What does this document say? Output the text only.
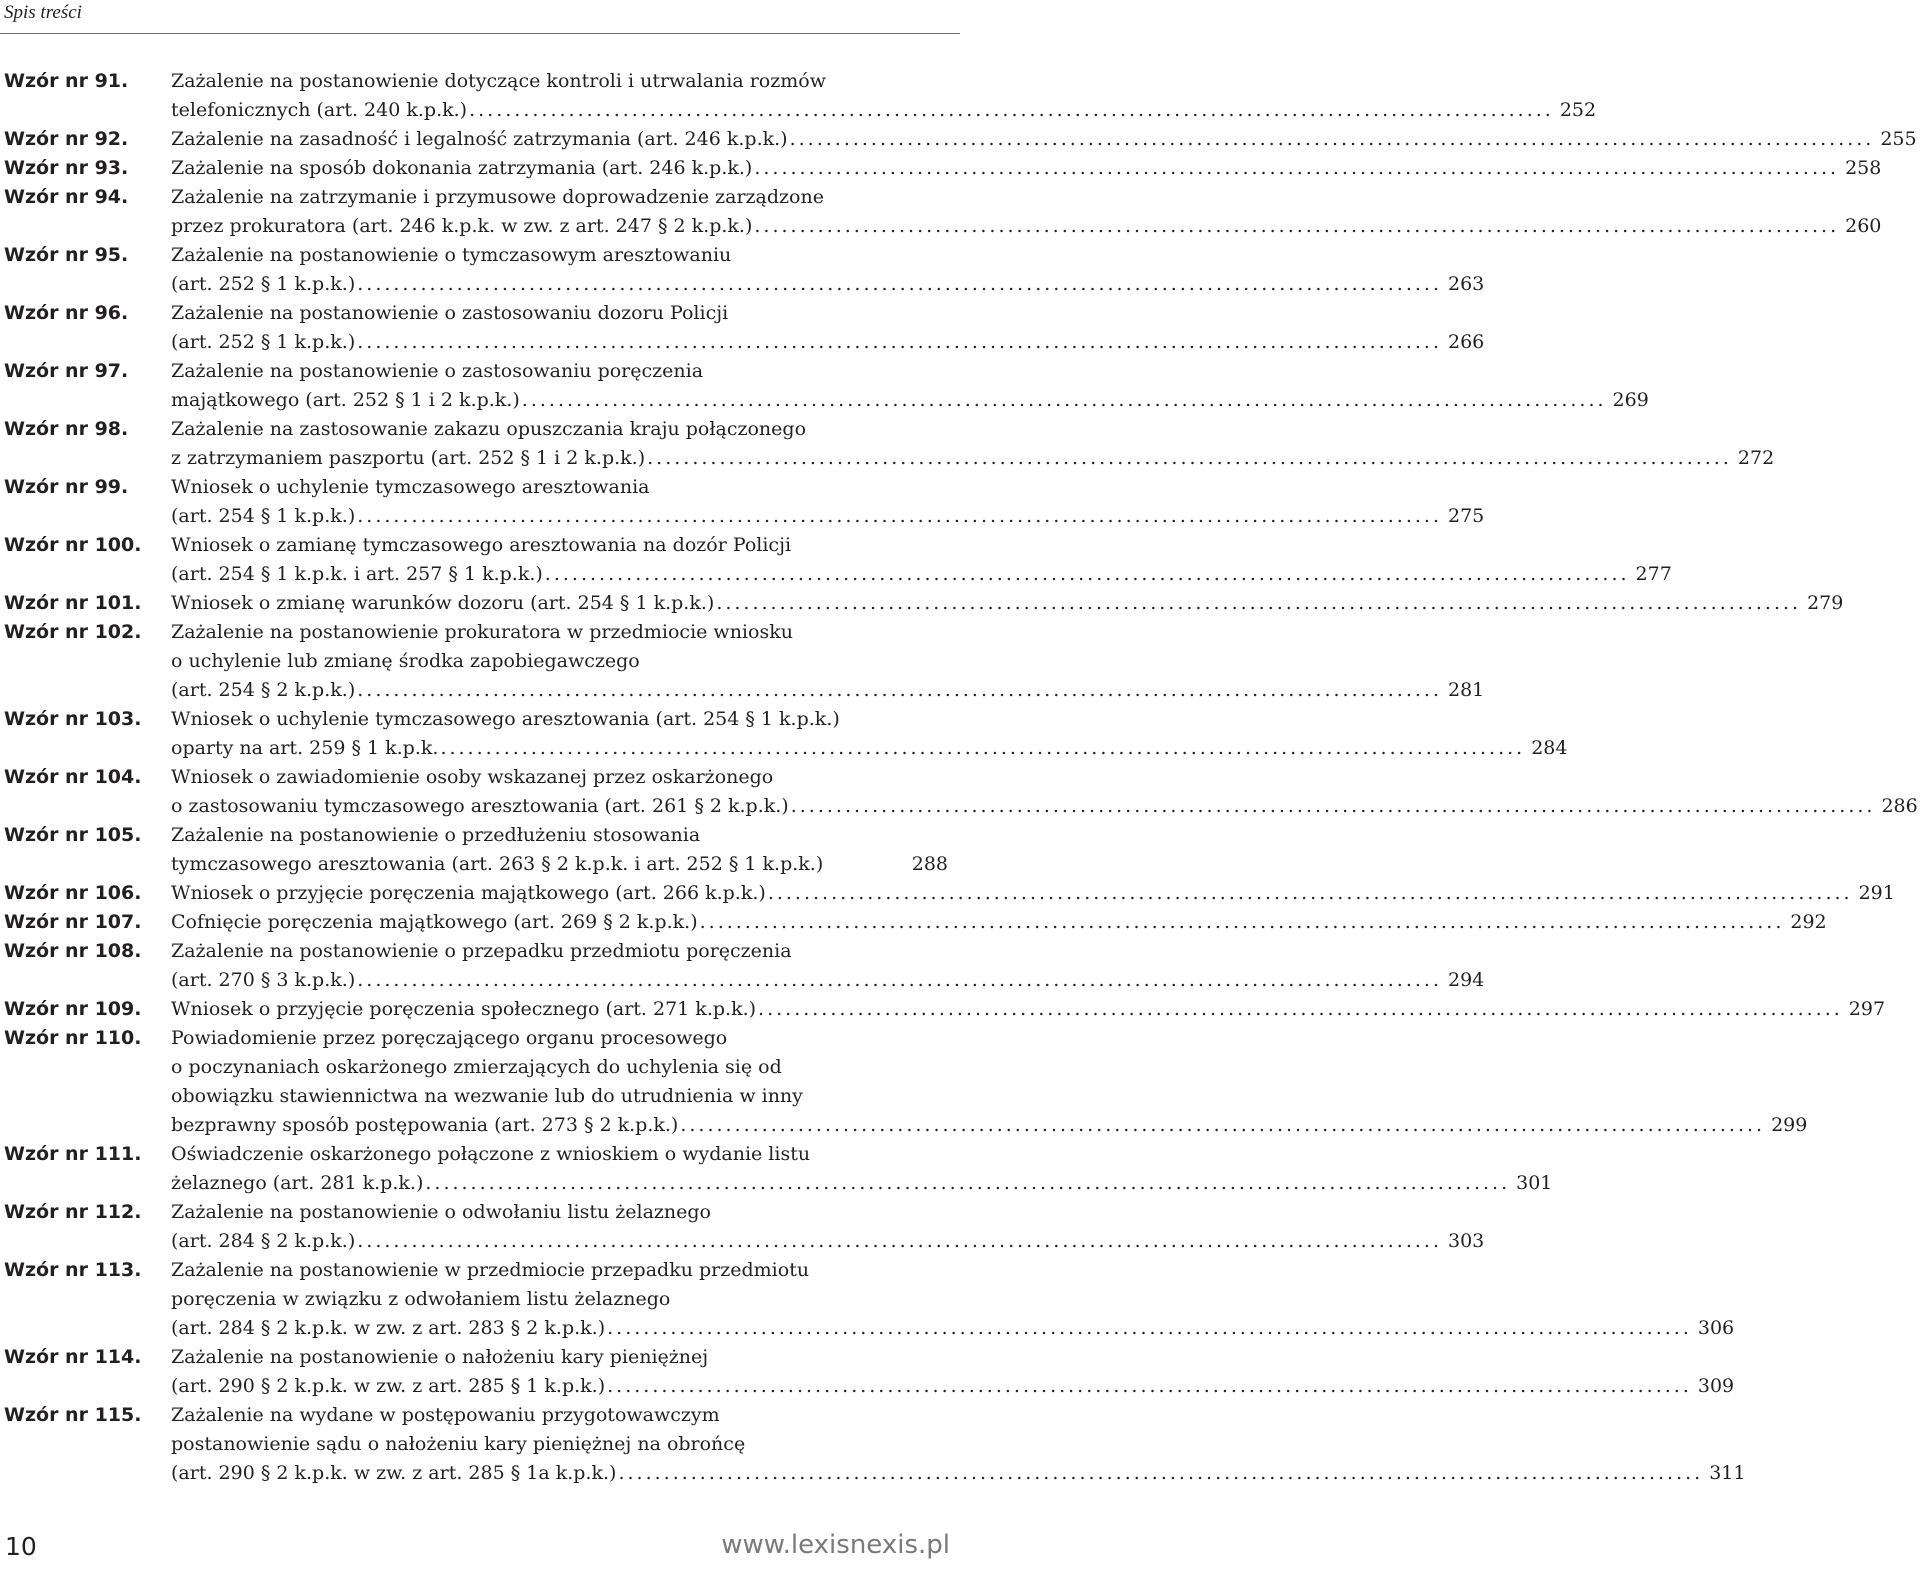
Spis treści
Wzór nr 91.	Zażalenie na postanowienie dotyczące kontroli i utrwalania rozmów
telefonicznych (art. 240 k.p.k.) ........................................................................................................................ 252
Wzór nr 92.	Zażalenie na zasadność i legalność zatrzymania (art. 246 k.p.k.) ........................................................................................................................ 255
Wzór nr 93.	Zażalenie na sposób dokonania zatrzymania (art. 246 k.p.k.) ........................................................................................................................ 258
Wzór nr 94.	Zażalenie na zatrzymanie i przymusowe doprowadzenie zarządzone
przez prokuratora (art. 246 k.p.k. w zw. z art. 247 § 2 k.p.k.) ........................................................................................................................ 260
Wzór nr 95.	Zażalenie na postanowienie o tymczasowym aresztowaniu
(art. 252 § 1 k.p.k.) ........................................................................................................................ 263
Wzór nr 96.	Zażalenie na postanowienie o zastosowaniu dozoru Policji
(art. 252 § 1 k.p.k.) ........................................................................................................................ 266
Wzór nr 97.	Zażalenie na postanowienie o zastosowaniu poręczenia
majątkowego (art. 252 § 1 i 2 k.p.k.) ........................................................................................................................ 269
Wzór nr 98.	Zażalenie na zastosowanie zakazu opuszczania kraju połączonego
z zatrzymaniem paszportu (art. 252 § 1 i 2 k.p.k.) ........................................................................................................................ 272
Wzór nr 99.	Wniosek o uchylenie tymczasowego aresztowania
(art. 254 § 1 k.p.k.) ........................................................................................................................ 275
Wzór nr 100.	Wniosek o zamianę tymczasowego aresztowania na dozór Policji
(art. 254 § 1 k.p.k. i art. 257 § 1 k.p.k.) ........................................................................................................................ 277
Wzór nr 101.	Wniosek o zmianę warunków dozoru (art. 254 § 1 k.p.k.) ........................................................................................................................ 279
Wzór nr 102.	Zażalenie na postanowienie prokuratora w przedmiocie wniosku
o uchylenie lub zmianę środka zapobiegawczego
(art. 254 § 2 k.p.k.) ........................................................................................................................ 281
Wzór nr 103.	Wniosek o uchylenie tymczasowego aresztowania (art. 254 § 1 k.p.k.)
oparty na art. 259 § 1 k.p.k. ........................................................................................................................ 284
Wzór nr 104.	Wniosek o zawiadomienie osoby wskazanej przez oskarżonego
o zastosowaniu tymczasowego aresztowania (art. 261 § 2 k.p.k.) ........................................................................................................................ 286
Wzór nr 105.	Zażalenie na postanowienie o przedłużeniu stosowania
tymczasowego aresztowania (art. 263 § 2 k.p.k. i art. 252 § 1 k.p.k.)	288
Wzór nr 106.	Wniosek o przyjęcie poręczenia majątkowego (art. 266 k.p.k.) ........................................................................................................................ 291
Wzór nr 107.	Cofnięcie poręczenia majątkowego (art. 269 § 2 k.p.k.) ........................................................................................................................ 292
Wzór nr 108.	Zażalenie na postanowienie o przepadku przedmiotu poręczenia
(art. 270 § 3 k.p.k.) ........................................................................................................................ 294
Wzór nr 109.	Wniosek o przyjęcie poręczenia społecznego (art. 271 k.p.k.) ........................................................................................................................ 297
Wzór nr 110.	Powiadomienie przez poręczającego organu procesowego
o poczynaniach oskarżonego zmierzających do uchylenia się od
obowiązku stawiennictwa na wezwanie lub do utrudnienia w inny
bezprawny sposób postępowania (art. 273 § 2 k.p.k.) ........................................................................................................................ 299
Wzór nr 111.	Oświadczenie oskarżonego połączone z wnioskiem o wydanie listu
żelaznego (art. 281 k.p.k.) ........................................................................................................................ 301
Wzór nr 112.	Zażalenie na postanowienie o odwołaniu listu żelaznego
(art. 284 § 2 k.p.k.) ........................................................................................................................ 303
Wzór nr 113.	Zażalenie na postanowienie w przedmiocie przepadku przedmiotu
poręczenia w związku z odwołaniem listu żelaznego
(art. 284 § 2 k.p.k. w zw. z art. 283 § 2 k.p.k.) ........................................................................................................................ 306
Wzór nr 114.	Zażalenie na postanowienie o nałożeniu kary pieniężnej
(art. 290 § 2 k.p.k. w zw. z art. 285 § 1 k.p.k.) ........................................................................................................................ 309
Wzór nr 115.	Zażalenie na wydane w postępowaniu przygotowawczym
postanowienie sądu o nałożeniu kary pieniężnej na obrońcę
(art. 290 § 2 k.p.k. w zw. z art. 285 § 1a k.p.k.) ........................................................................................................................ 311
10	www.lexisnexis.pl
